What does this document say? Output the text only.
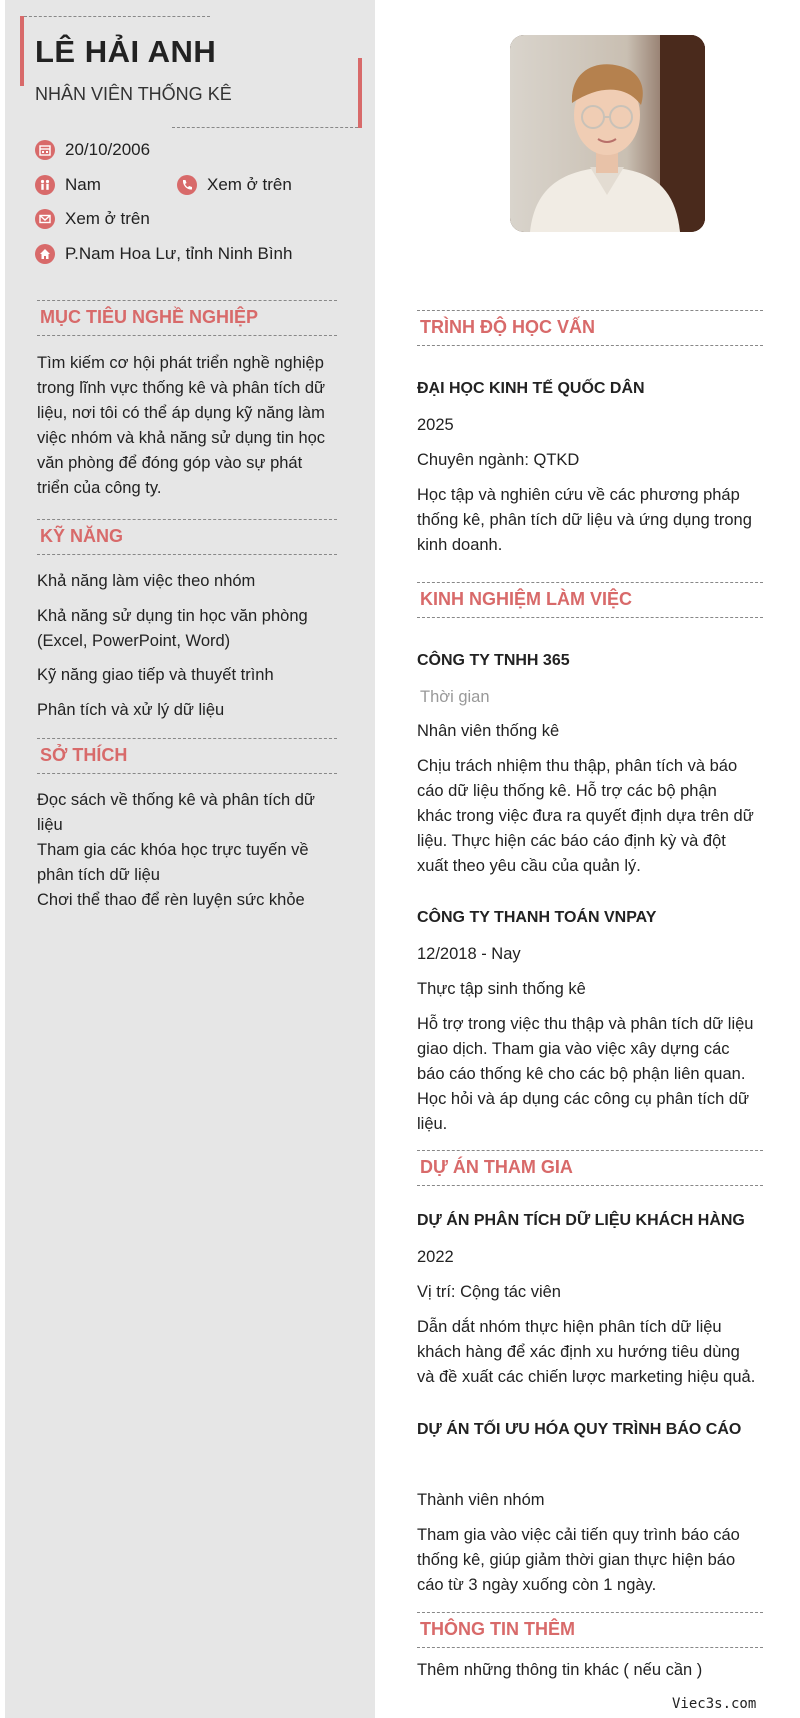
LÊ HẢI ANH
NHÂN VIÊN THỐNG KÊ
20/10/2006
Nam	Xem ở trên
Xem ở trên
P.Nam Hoa Lư, tỉnh Ninh Bình
MỤC TIÊU NGHỀ NGHIỆP
Tìm kiếm cơ hội phát triển nghề nghiệp
trong lĩnh vực thống kê và phân tích dữ
liệu, nơi tôi có thể áp dụng kỹ năng làm
việc nhóm và khả năng sử dụng tin học
văn phòng để đóng góp vào sự phát
triển của công ty.
KỸ NĂNG
Khả năng làm việc theo nhóm
Khả năng sử dụng tin học văn phòng
(Excel, PowerPoint, Word)
Kỹ năng giao tiếp và thuyết trình
Phân tích và xử lý dữ liệu
SỞ THÍCH
Đọc sách về thống kê và phân tích dữ
liệu
Tham gia các khóa học trực tuyến về
phân tích dữ liệu
Chơi thể thao để rèn luyện sức khỏe
TRÌNH ĐỘ HỌC VẤN
ĐẠI HỌC KINH TẾ QUỐC DÂN
2025
Chuyên ngành: QTKD
Học tập và nghiên cứu về các phương pháp
thống kê, phân tích dữ liệu và ứng dụng trong
kinh doanh.
KINH NGHIỆM LÀM VIỆC
CÔNG TY TNHH 365
Thời gian
Nhân viên thống kê
Chịu trách nhiệm thu thập, phân tích và báo
cáo dữ liệu thống kê. Hỗ trợ các bộ phận
khác trong việc đưa ra quyết định dựa trên dữ
liệu. Thực hiện các báo cáo định kỳ và đột
xuất theo yêu cầu của quản lý.
CÔNG TY THANH TOÁN VNPAY
12/2018 - Nay
Thực tập sinh thống kê
Hỗ trợ trong việc thu thập và phân tích dữ liệu
giao dịch. Tham gia vào việc xây dựng các
báo cáo thống kê cho các bộ phận liên quan.
Học hỏi và áp dụng các công cụ phân tích dữ
liệu.
DỰ ÁN THAM GIA
DỰ ÁN PHÂN TÍCH DỮ LIỆU KHÁCH HÀNG
2022
Vị trí: Cộng tác viên
Dẫn dắt nhóm thực hiện phân tích dữ liệu
khách hàng để xác định xu hướng tiêu dùng
và đề xuất các chiến lược marketing hiệu quả.
DỰ ÁN TỐI ƯU HÓA QUY TRÌNH BÁO CÁO
Thành viên nhóm
Tham gia vào việc cải tiến quy trình báo cáo
thống kê, giúp giảm thời gian thực hiện báo
cáo từ 3 ngày xuống còn 1 ngày.
THÔNG TIN THÊM
Thêm những thông tin khác ( nếu cần )
Viec3s.com
